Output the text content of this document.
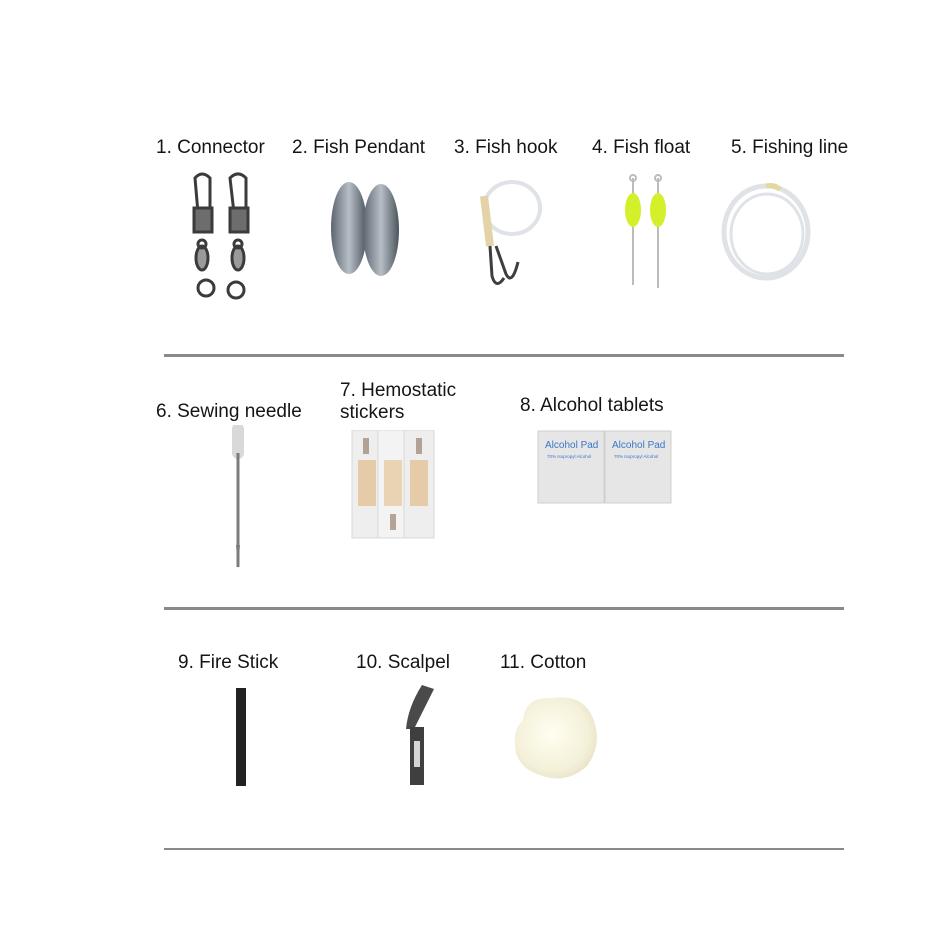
1. Connector 2. Fish Pendant 3. Fish hook 4. Fish float 5. Fishing line
6. Sewing needle
7. Hemostatic stickers	8. Alcohol tablets
Alcohol Pad Alcohol Pad
70% Isopropyl Alcohol	70% Isopropyl Alcohol
9. Fire Stick	10. Scalpel	11. Cotton
